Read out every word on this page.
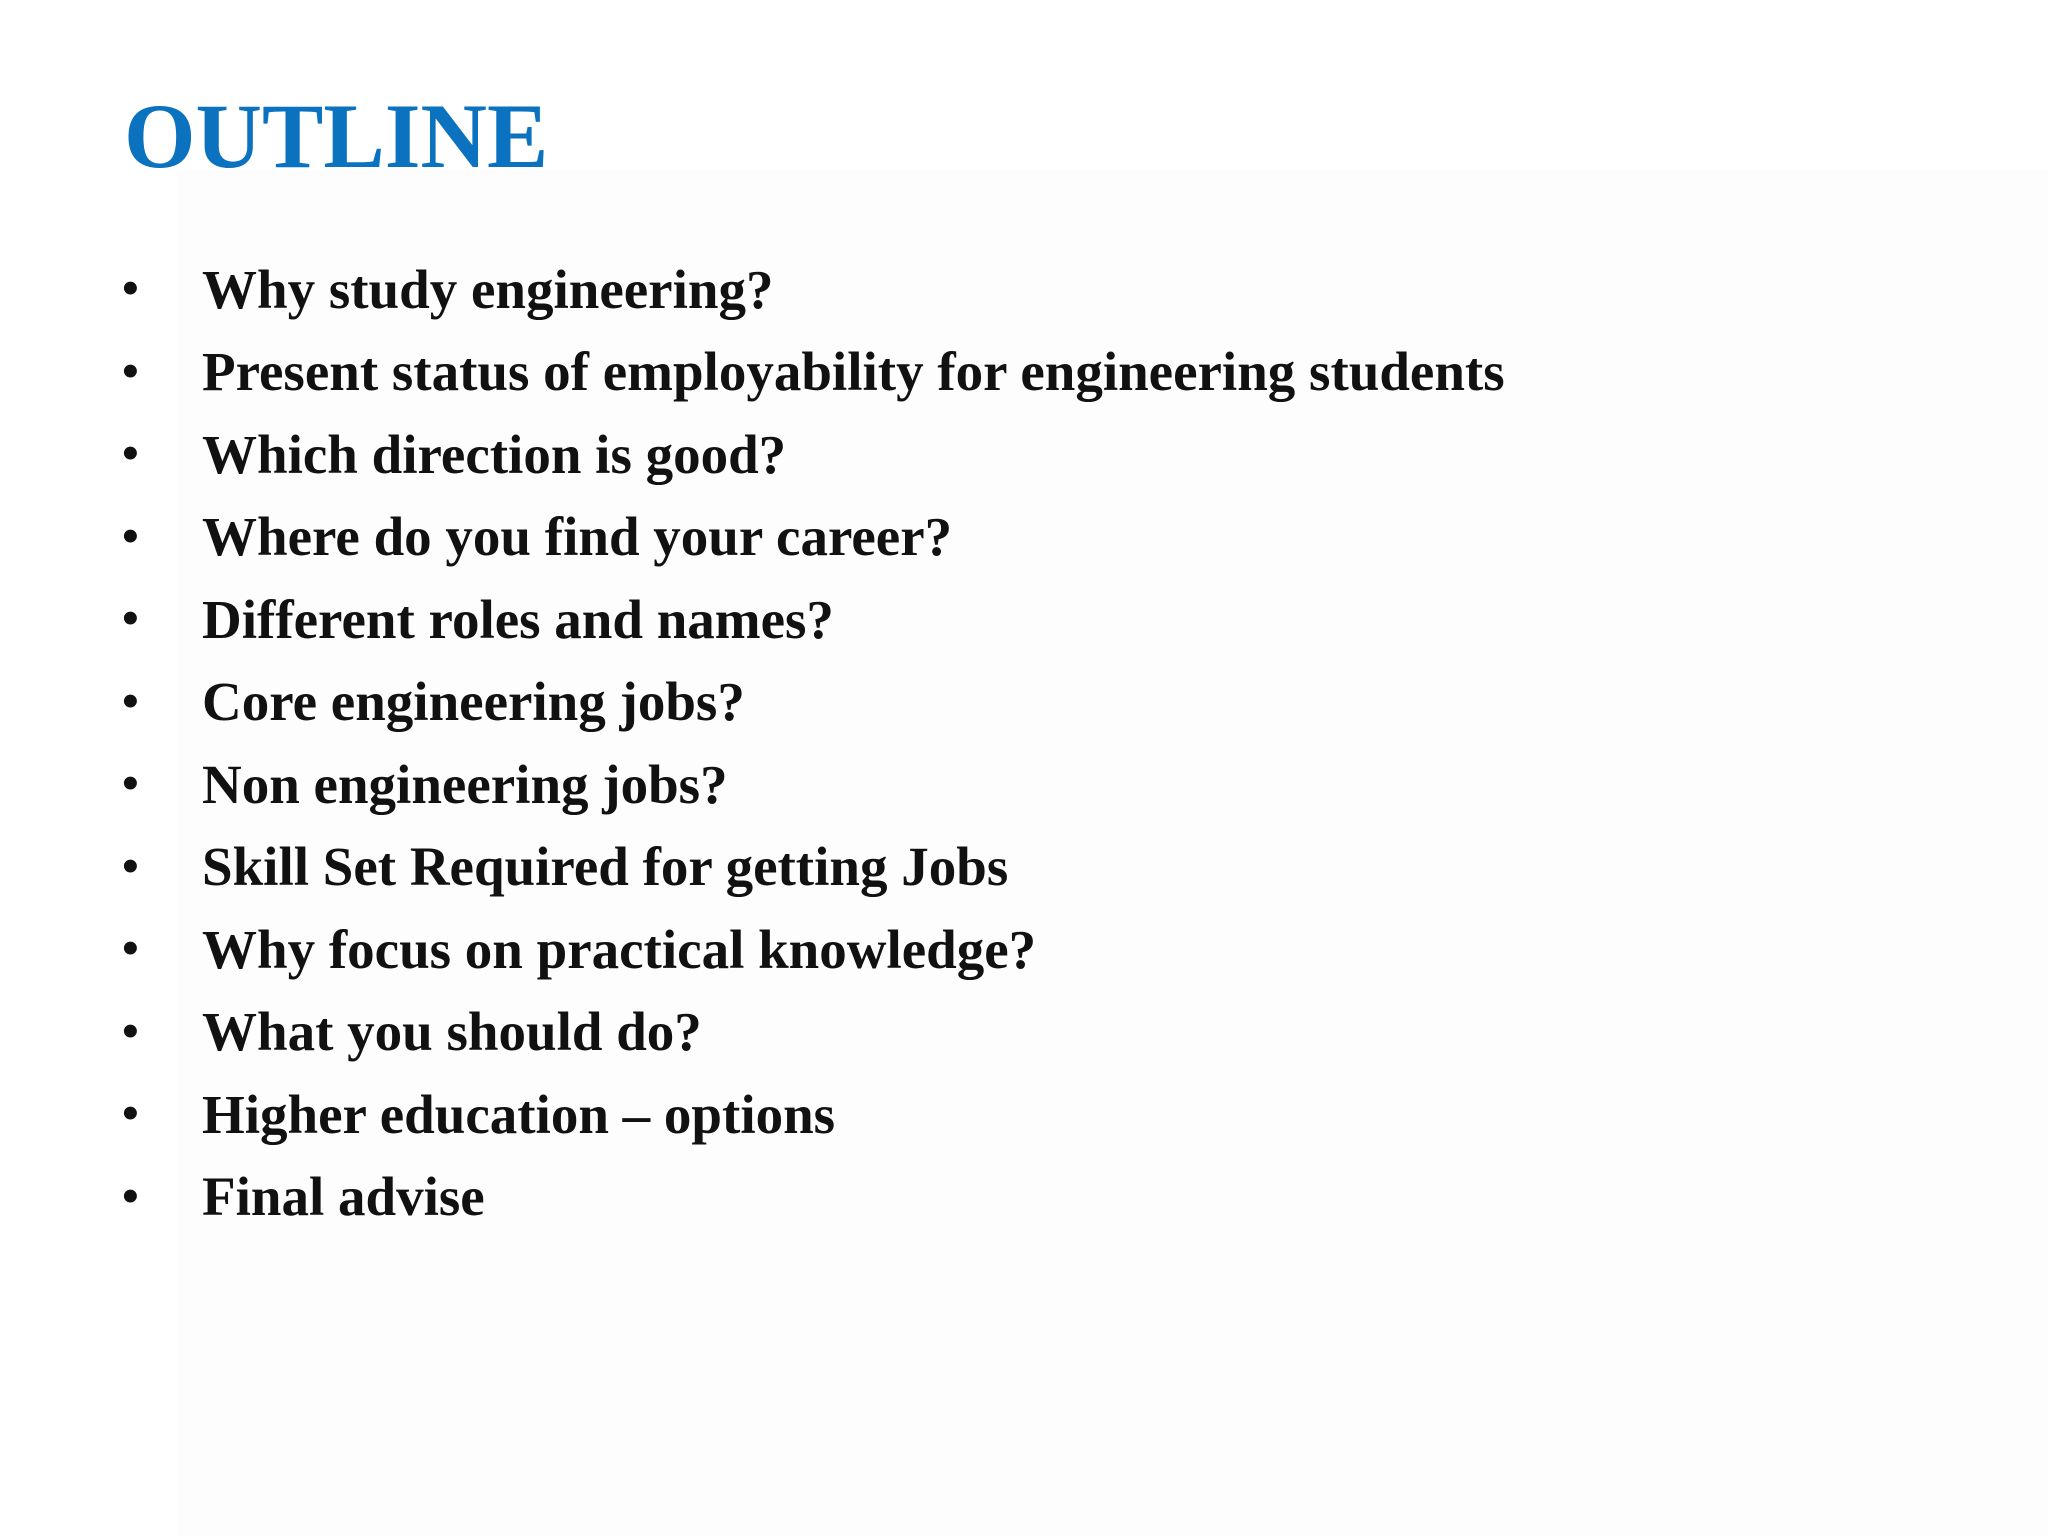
OUTLINE
•	Why study engineering?
•	Present status of employability for engineering students
•	Which direction is good?
•	Where do you find your career?
•	Different roles and names?
•	Core engineering jobs?
•	Non engineering jobs?
•	Skill Set Required for getting Jobs
•	Why focus on practical knowledge?
•	What you should do?
•	Higher education – options
•	Final advise
